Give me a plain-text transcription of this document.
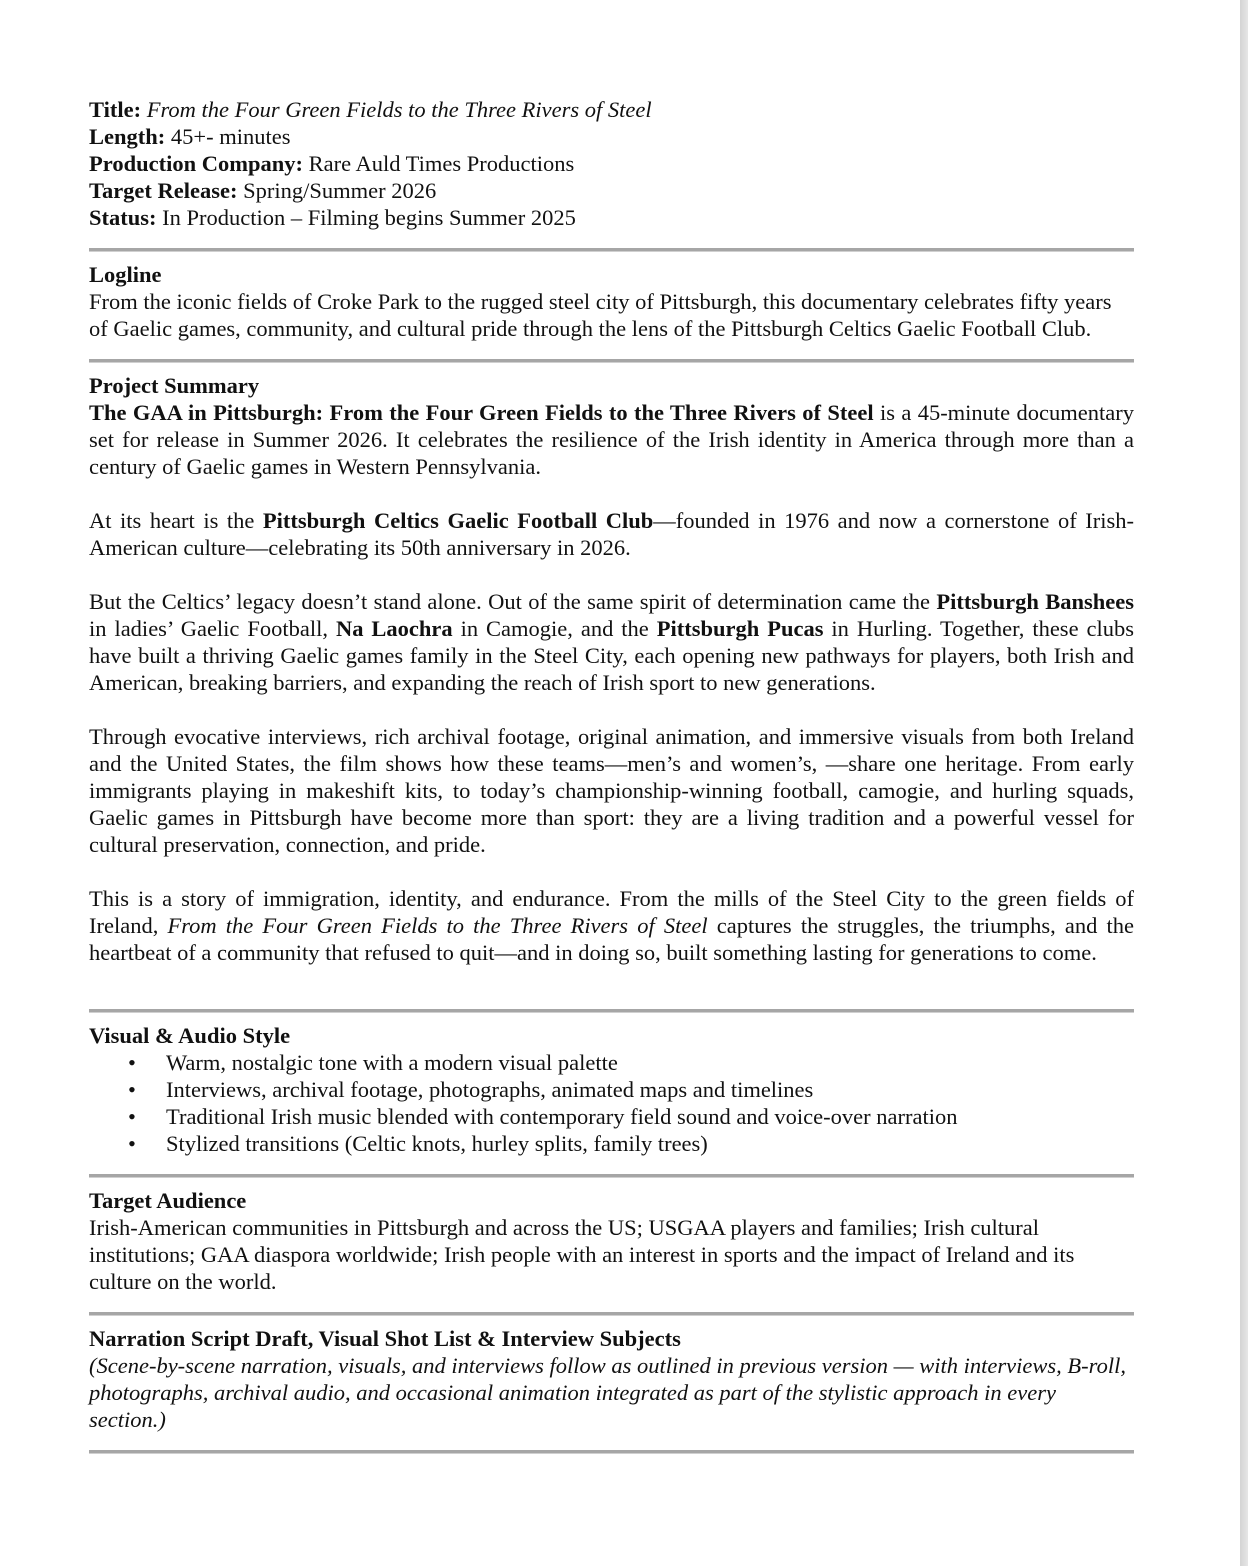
Title: From the Four Green Fields to the Three Rivers of Steel

Length: 45+- minutes

Production Company: Rare Auld Times Productions

Target Release: Spring/Summer 2026

Status: In Production – Filming begins Summer 2025

Logline

From the iconic fields of Croke Park to the rugged steel city of Pittsburgh, this documentary celebrates fifty years of Gaelic games, community, and cultural pride through the lens of the Pittsburgh Celtics Gaelic Football Club.

Project Summary

The GAA in Pittsburgh: From the Four Green Fields to the Three Rivers of Steel is a 45-minute documentary set for release in Summer 2026. It celebrates the resilience of the Irish identity in America through more than a century of Gaelic games in Western Pennsylvania.

At its heart is the Pittsburgh Celtics Gaelic Football Club—founded in 1976 and now a cornerstone of Irish-American culture—celebrating its 50th anniversary in 2026.

But the Celtics’ legacy doesn’t stand alone. Out of the same spirit of determination came the Pittsburgh Banshees in ladies’ Gaelic Football, Na Laochra in Camogie, and the Pittsburgh Pucas in Hurling. Together, these clubs have built a thriving Gaelic games family in the Steel City, each opening new pathways for players, both Irish and American, breaking barriers, and expanding the reach of Irish sport to new generations.

Through evocative interviews, rich archival footage, original animation, and immersive visuals from both Ireland and the United States, the film shows how these teams—men’s and women’s, —share one heritage. From early immigrants playing in makeshift kits, to today’s championship-winning football, camogie, and hurling squads, Gaelic games in Pittsburgh have become more than sport: they are a living tradition and a powerful vessel for cultural preservation, connection, and pride.

This is a story of immigration, identity, and endurance. From the mills of the Steel City to the green fields of Ireland, From the Four Green Fields to the Three Rivers of Steel captures the struggles, the triumphs, and the heartbeat of a community that refused to quit—and in doing so, built something lasting for generations to come.

Visual & Audio Style
• Warm, nostalgic tone with a modern visual palette
• Interviews, archival footage, photographs, animated maps and timelines
• Traditional Irish music blended with contemporary field sound and voice-over narration
• Stylized transitions (Celtic knots, hurley splits, family trees)
Target Audience

Irish-American communities in Pittsburgh and across the US; USGAA players and families; Irish cultural institutions; GAA diaspora worldwide; Irish people with an interest in sports and the impact of Ireland and its culture on the world.

Narration Script Draft, Visual Shot List & Interview Subjects

(Scene-by-scene narration, visuals, and interviews follow as outlined in previous version — with interviews, B-roll, photographs, archival audio, and occasional animation integrated as part of the stylistic approach in every section.)
